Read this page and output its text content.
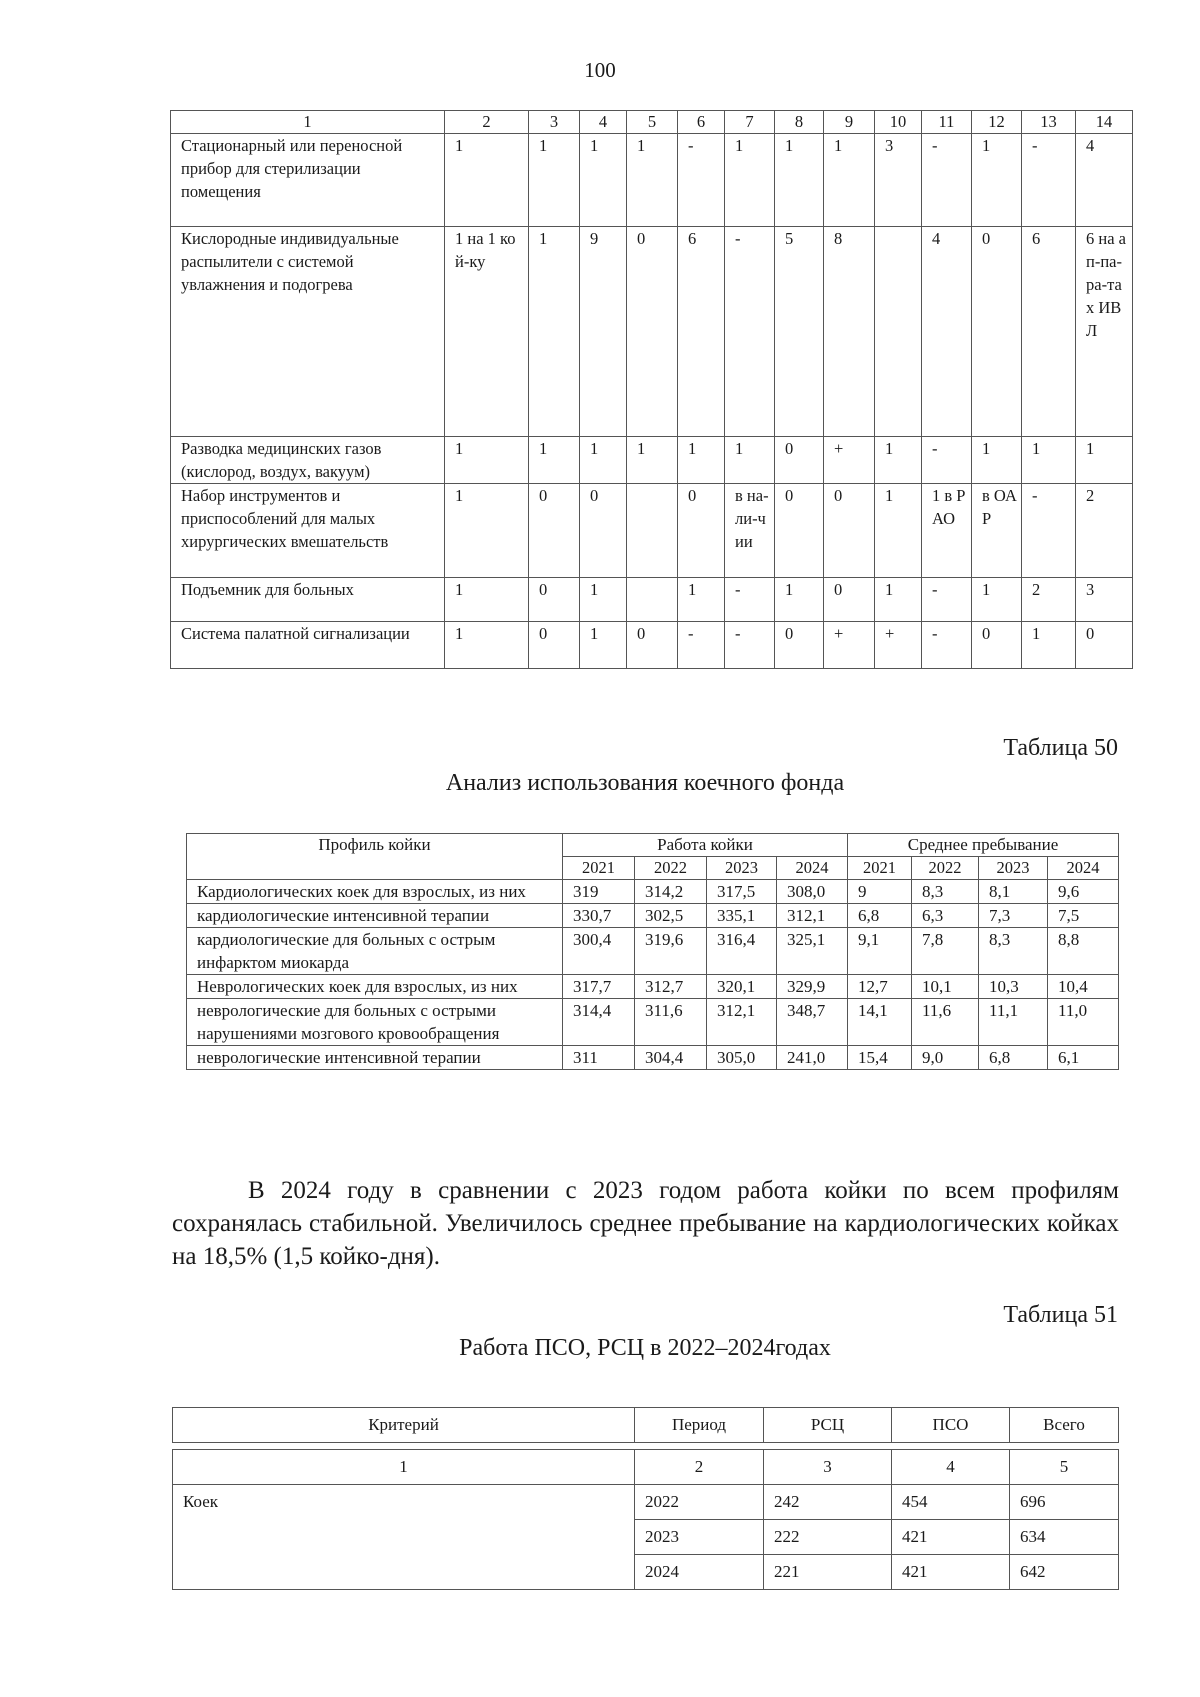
100
1	2	3	4	5	6	7	8	9	10	11	12	13	14
Стационарный или переносной прибор для стерилизации помещения	1	1	1	1	-	1	1	1	3	-	1	-	4
Кислородные индивидуальные распылители с системой увлажнения и подогрева	1 на 1 кой-ку	1	9	0	6	-	5	8		4	0	6	6 на ап-па-ра-тах ИВ Л
Разводка медицинских газов (кислород, воздух, вакуум)	1	1	1	1	1	1	0	+	1	-	1	1	1
Набор инструментов и приспособлений для малых хирургических вмешательств	1	0	0		0	в на-ли-чии	0	0	1	1 в РАО	в ОАР	-	2
Подъемник для больных	1	0	1		1	-	1	0	1	-	1	2	3
Система палатной сигнализации	1	0	1	0	-	-	0	+	+	-	0	1	0
Таблица 50
Анализ использования коечного фонда
Профиль койки	Работа койки				Среднее пребывание			
	2021	2022	2023	2024	2021	2022	2023	2024
Кардиологических коек для взрослых, из них	319	314,2	317,5	308,0	9	8,3	8,1	9,6
кардиологические интенсивной терапии	330,7	302,5	335,1	312,1	6,8	6,3	7,3	7,5
кардиологические для больных с острым инфарктом миокарда	300,4	319,6	316,4	325,1	9,1	7,8	8,3	8,8
Неврологических коек для взрослых, из них	317,7	312,7	320,1	329,9	12,7	10,1	10,3	10,4
неврологические для больных с острыми нарушениями мозгового кровообращения	314,4	311,6	312,1	348,7	14,1	11,6	11,1	11,0
неврологические интенсивной терапии	311	304,4	305,0	241,0	15,4	9,0	6,8	6,1
В 2024 году в сравнении с 2023 годом работа койки по всем профилям сохранялась стабильной. Увеличилось среднее пребывание на кардиологических койках на 18,5% (1,5 койко-дня).
Таблица 51
Работа ПСО, РСЦ в 2022–2024годах
Критерий	Период	РСЦ	ПСО	Всего

1	2	3	4	5
Коек	2022	242	454	696
	2023	222	421	634
	2024	221	421	642
